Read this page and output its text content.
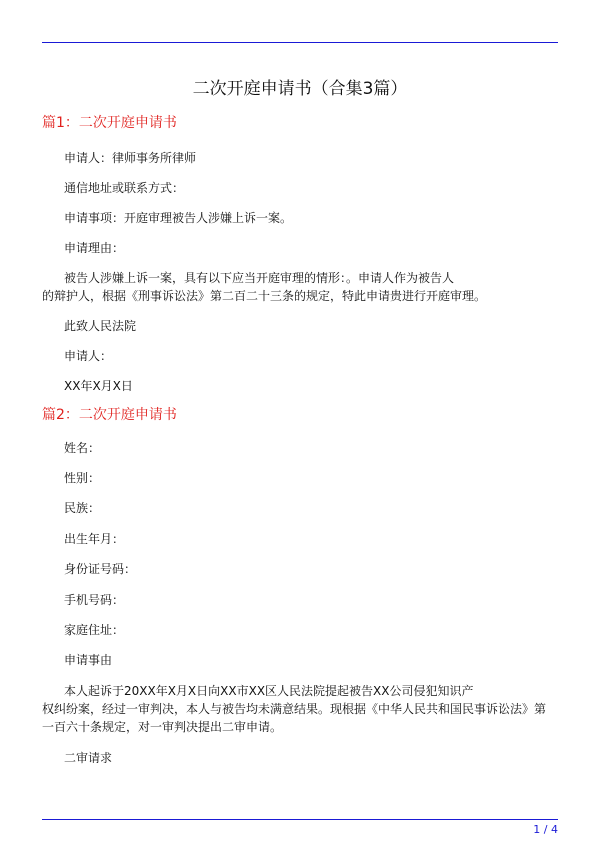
二次开庭申请书（合集3篇）
篇1：二次开庭申请书
申请人：律师事务所律师
通信地址或联系方式：
申请事项：开庭审理被告人涉嫌上诉一案。
申请理由：
被告人涉嫌上诉一案，具有以下应当开庭审理的情形：。申请人作为被告人
的辩护人，根据《刑事诉讼法》第二百二十三条的规定，特此申请贵进行开庭审理。
此致人民法院
申请人：
XX年X月X日
篇2：二次开庭申请书
姓名：
性别：
民族：
出生年月：
身份证号码：
手机号码：
家庭住址：
申请事由
本人起诉于20XX年X月X日向XX市XX区人民法院提起被告XX公司侵犯知识产
权纠纷案，经过一审判决，本人与被告均未满意结果。现根据《中华人民共和国民事诉讼法》第
一百六十条规定，对一审判决提出二审申请。
二审请求
1 / 4
